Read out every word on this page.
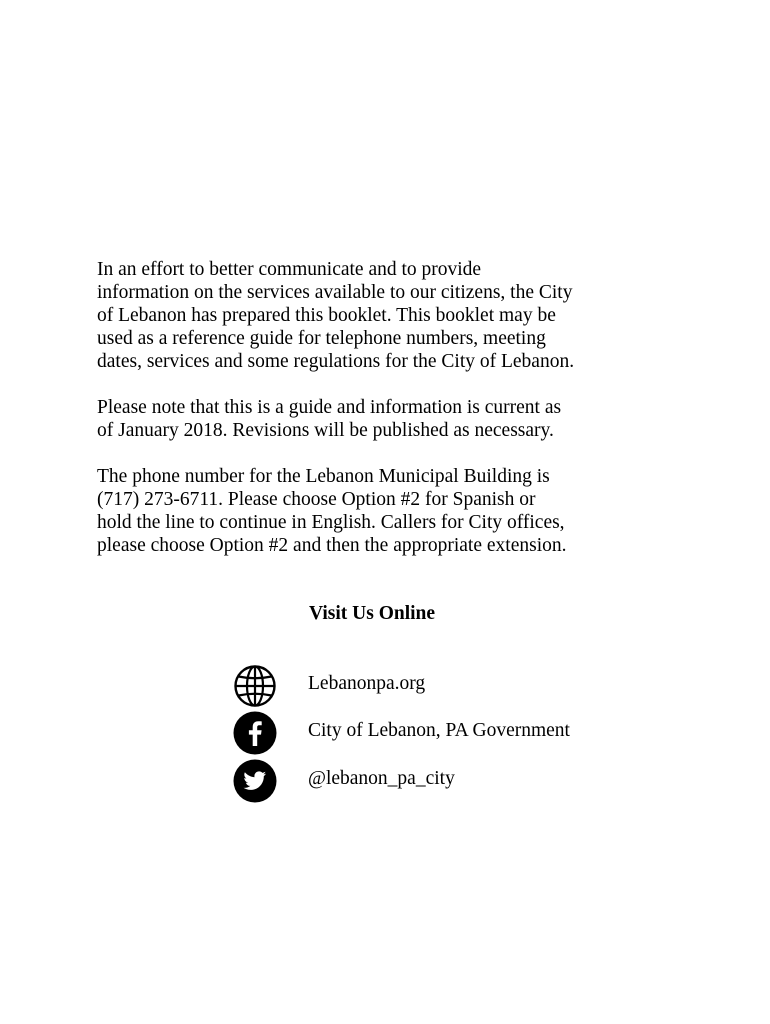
In an effort to better communicate and to provide
information on the services available to our citizens, the City
of Lebanon has prepared this booklet. This booklet may be
used as a reference guide for telephone numbers, meeting
dates, services and some regulations for the City of Lebanon.

Please note that this is a guide and information is current as
of January 2018. Revisions will be published as necessary.

The phone number for the Lebanon Municipal Building is
(717) 273-6711. Please choose Option #2 for Spanish or
hold the line to continue in English. Callers for City offices,
please choose Option #2 and then the appropriate extension.

Visit Us Online
Lebanonpa.org
City of Lebanon, PA Government
@lebanon_pa_city
